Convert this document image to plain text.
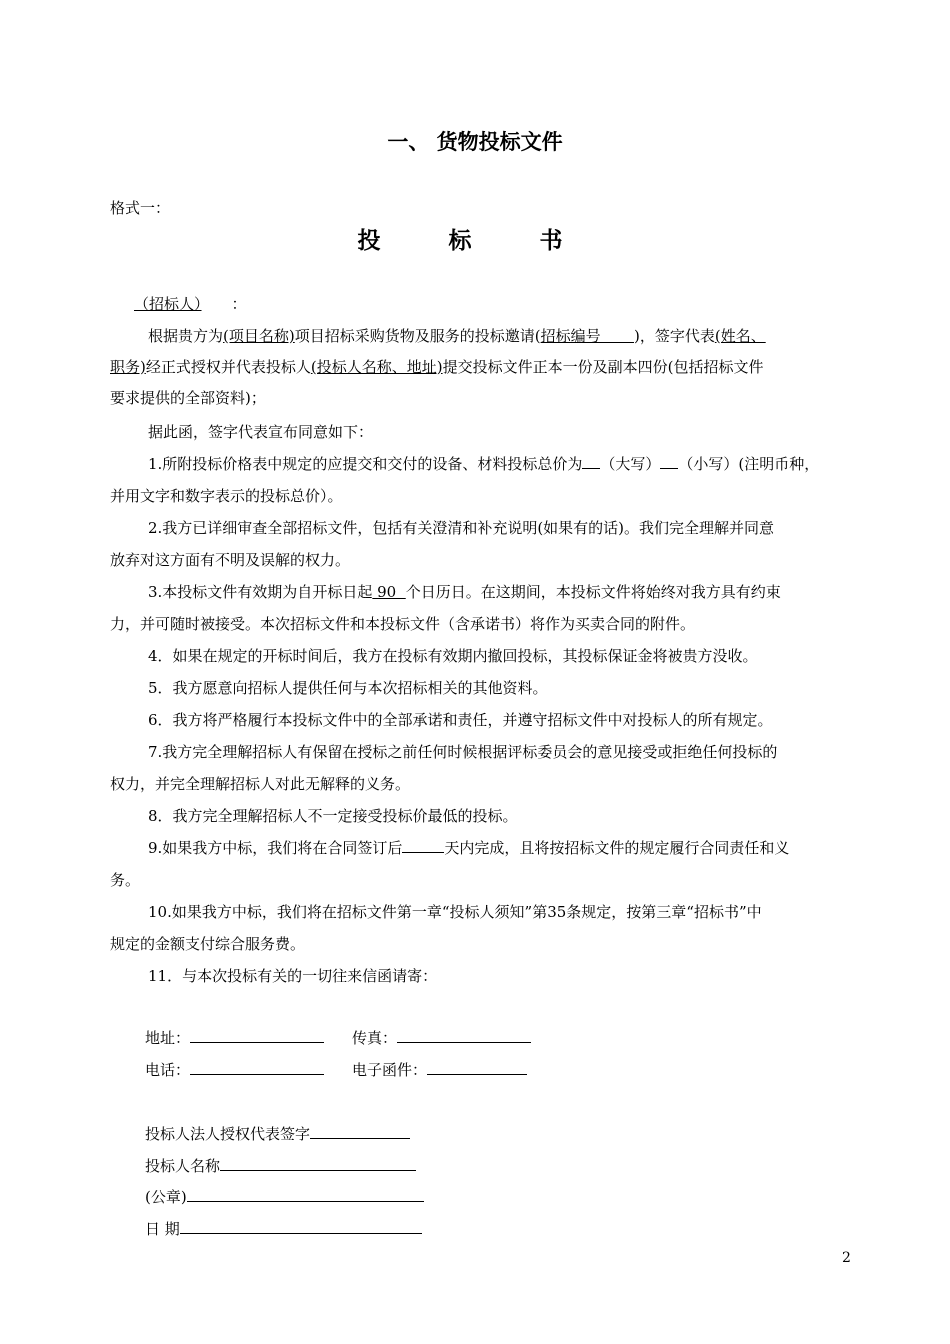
一、 货物投标文件
格式一：
投 标 书
（招标人） ：
根据贵方为(项目名称)项目招标采购货物及服务的投标邀请(招标编号       )，签字代表(姓名、
职务)经正式授权并代表投标人(投标人名称、地址)提交投标文件正本一份及副本四份(包括招标文件
要求提供的全部资料)；
据此函，签字代表宣布同意如下：
1.所附投标价格表中规定的应提交和交付的设备、材料投标总价为 （大写） （小写）(注明币种，
并用文字和数字表示的投标总价）。
2.我方已详细审查全部招标文件，包括有关澄清和补充说明(如果有的话)。我们完全理解并同意
放弃对这方面有不明及误解的权力。
3.本投标文件有效期为自开标日起 90  个日历日。在这期间，本投标文件将始终对我方具有约束
力，并可随时被接受。本次招标文件和本投标文件（含承诺书）将作为买卖合同的附件。
4．如果在规定的开标时间后，我方在投标有效期内撤回投标，其投标保证金将被贵方没收。
5．我方愿意向招标人提供任何与本次招标相关的其他资料。
6．我方将严格履行本投标文件中的全部承诺和责任，并遵守招标文件中对投标人的所有规定。
7.我方完全理解招标人有保留在授标之前任何时候根据评标委员会的意见接受或拒绝任何投标的
权力，并完全理解招标人对此无解释的义务。
8．我方完全理解招标人不一定接受投标价最低的投标。
9.如果我方中标，我们将在合同签订后	天内完成，且将按招标文件的规定履行合同责任和义
务。
10.如果我方中标，我们将在招标文件第一章“投标人须知”第35条规定，按第三章“招标书”中
规定的金额支付综合服务费。
11．与本次投标有关的一切往来信函请寄：
地址：	传真：
电话：	电子函件：
投标人法人授权代表签字
投标人名称
(公章)
日 期
2
